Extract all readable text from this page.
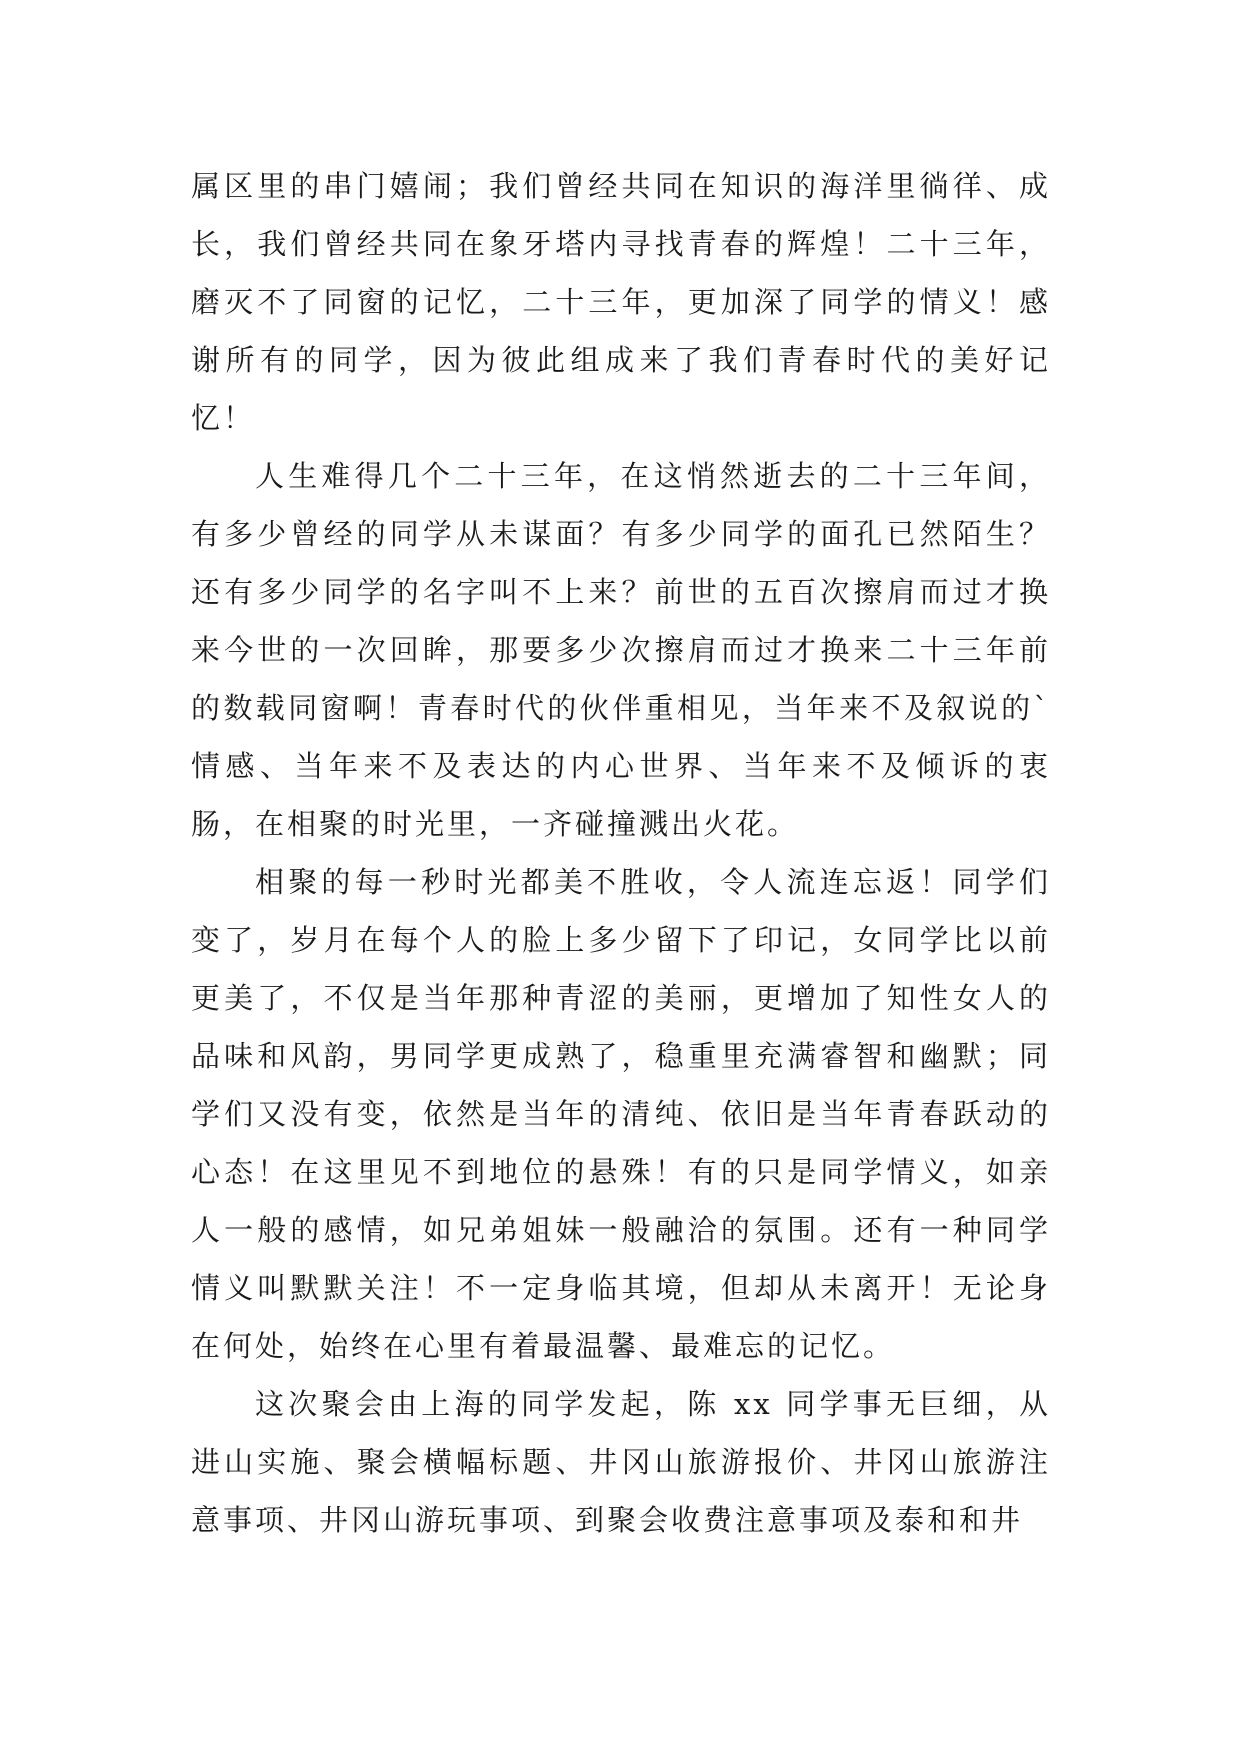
属区里的串门嬉闹；我们曾经共同在知识的海洋里徜徉、成长，我们曾经共同在象牙塔内寻找青春的辉煌！二十三年，磨灭不了同窗的记忆，二十三年，更加深了同学的情义！感谢所有的同学，因为彼此组成来了我们青春时代的美好记忆！

人生难得几个二十三年，在这悄然逝去的二十三年间，有多少曾经的同学从未谋面？有多少同学的面孔已然陌生？还有多少同学的名字叫不上来？前世的五百次擦肩而过才换来今世的一次回眸，那要多少次擦肩而过才换来二十三年前的数载同窗啊！青春时代的伙伴重相见，当年来不及叙说的`情感、当年来不及表达的内心世界、当年来不及倾诉的衷肠，在相聚的时光里，一齐碰撞溅出火花。

相聚的每一秒时光都美不胜收，令人流连忘返！同学们变了，岁月在每个人的脸上多少留下了印记，女同学比以前更美了，不仅是当年那种青涩的美丽，更增加了知性女人的品味和风韵，男同学更成熟了，稳重里充满睿智和幽默；同学们又没有变，依然是当年的清纯、依旧是当年青春跃动的心态！在这里见不到地位的悬殊！有的只是同学情义，如亲人一般的感情，如兄弟姐妹一般融洽的氛围。还有一种同学情义叫默默关注！不一定身临其境，但却从未离开！无论身在何处，始终在心里有着最温馨、最难忘的记忆。

这次聚会由上海的同学发起，陈 xx 同学事无巨细，从进山实施、聚会横幅标题、井冈山旅游报价、井冈山旅游注意事项、井冈山游玩事项、到聚会收费注意事项及泰和和井
